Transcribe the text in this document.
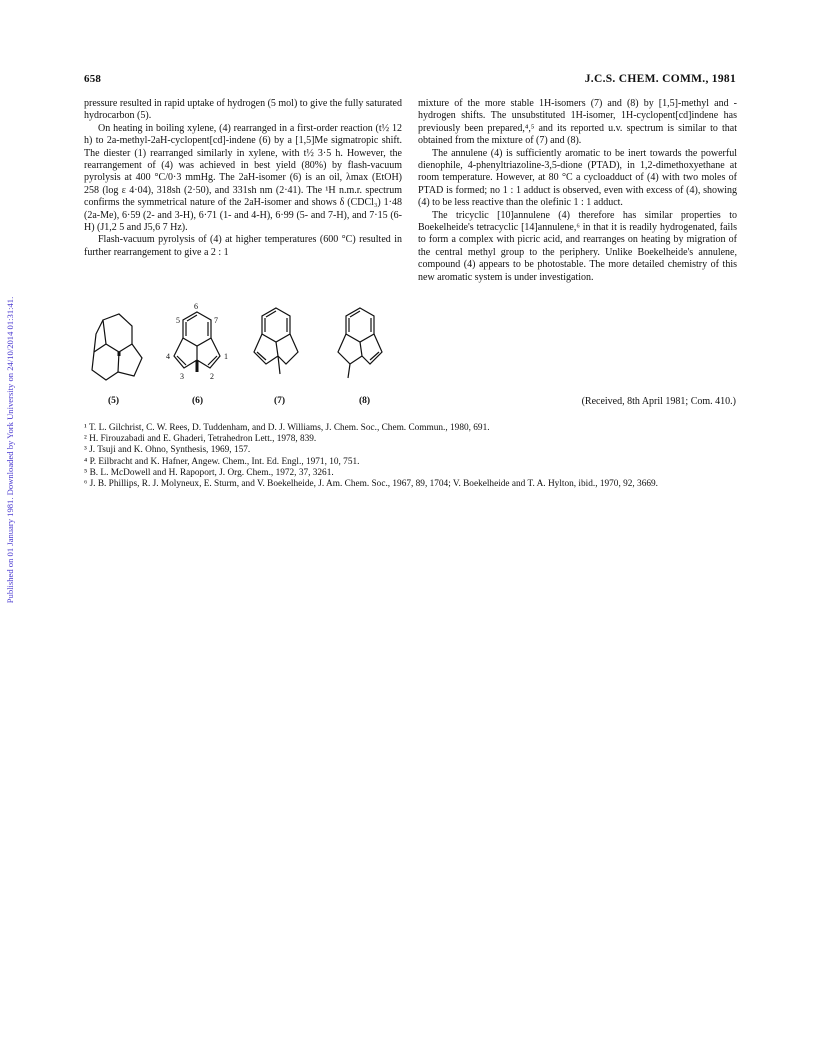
Published on 01 January 1981. Downloaded by York University on 24/10/2014 01:31:41.
658	J.C.S. CHEM. COMM., 1981

pressure resulted in rapid uptake of hydrogen (5 mol) to give the fully saturated hydrocarbon (5).

On heating in boiling xylene, (4) rearranged in a first-order reaction (t½ 12 h) to 2a-methyl-2aH-cyclopent[cd]-indene (6) by a [1,5]Me sigmatropic shift. The diester (1) rearranged similarly in xylene, with t½ 3·5 h. However, the rearrangement of (4) was achieved in best yield (80%) by flash-vacuum pyrolysis at 400 °C/0·3 mmHg. The 2aH-isomer (6) is an oil, λmax (EtOH) 258 (log ε 4·04), 318sh (2·50), and 331sh nm (2·41). The ¹H n.m.r. spectrum confirms the symmetrical nature of the 2aH-isomer and shows δ (CDCl₃) 1·48 (2a-Me), 6·59 (2- and 3-H), 6·71 (1- and 4-H), 6·99 (5- and 7-H), and 7·15 (6-H) (J1,2 5 and J5,6 7 Hz).

Flash-vacuum pyrolysis of (4) at higher temperatures (600 °C) resulted in further rearrangement to give a 2 : 1

mixture of the more stable 1H-isomers (7) and (8) by [1,5]-methyl and -hydrogen shifts. The unsubstituted 1H-isomer, 1H-cyclopent[cd]indene has previously been prepared,⁴,⁵ and its reported u.v. spectrum is similar to that obtained from the mixture of (7) and (8).

The annulene (4) is sufficiently aromatic to be inert towards the powerful dienophile, 4-phenyltriazoline-3,5-dione (PTAD), in 1,2-dimethoxyethane at room temperature. However, at 80 °C a cycloadduct of (4) with two moles of PTAD is formed; no 1 : 1 adduct is observed, even with excess of (4), showing (4) to be less reactive than the olefinic 1 : 1 adduct.

The tricyclic [10]annulene (4) therefore has similar properties to Boekelheide's tetracyclic [14]annulene,⁶ in that it is readily hydrogenated, fails to form a complex with picric acid, and rearranges on heating by migration of the central methyl group to the periphery. Unlike Boekelheide's annulene, compound (4) appears to be photostable. The more detailed chemistry of this new aromatic system is under investigation.

6
5	7
4	1
3	2
(5)	(6)	(7)	(8)	(Received, 8th April 1981; Com. 410.)

¹ T. L. Gilchrist, C. W. Rees, D. Tuddenham, and D. J. Williams, J. Chem. Soc., Chem. Commun., 1980, 691.

² H. Firouzabadi and E. Ghaderi, Tetrahedron Lett., 1978, 839.

³ J. Tsuji and K. Ohno, Synthesis, 1969, 157.

⁴ P. Eilbracht and K. Hafner, Angew. Chem., Int. Ed. Engl., 1971, 10, 751.

⁵ B. L. McDowell and H. Rapoport, J. Org. Chem., 1972, 37, 3261.

⁶ J. B. Phillips, R. J. Molyneux, E. Sturm, and V. Boekelheide, J. Am. Chem. Soc., 1967, 89, 1704; V. Boekelheide and T. A. Hylton, ibid., 1970, 92, 3669.
